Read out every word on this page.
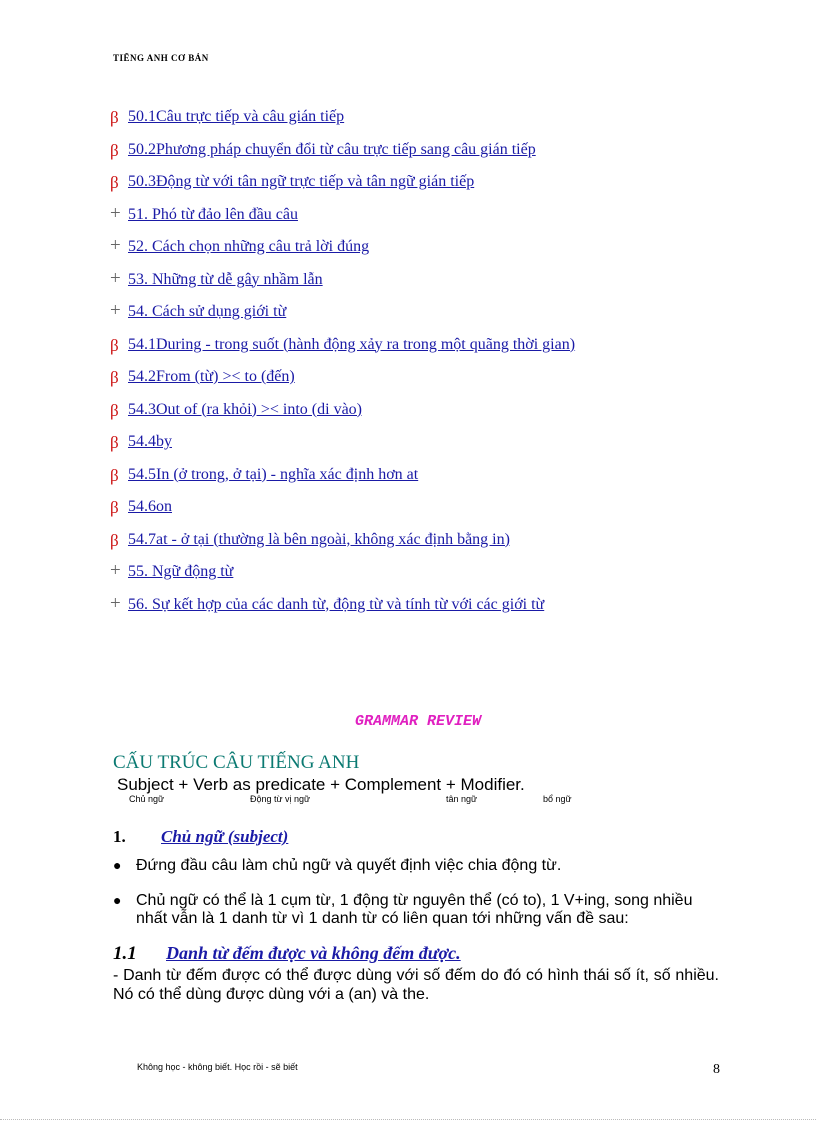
TIẾNG ANH CƠ BẢN
β 50.1Câu trực tiếp và câu gián tiếp
β 50.2Phương pháp chuyển đổi từ câu trực tiếp sang câu gián tiếp
β 50.3Động từ với tân ngữ trực tiếp và tân ngữ gián tiếp
+ 51. Phó từ đảo lên đầu câu
+ 52. Cách chọn những câu trả lời đúng
+ 53. Những từ dễ gây nhầm lẫn
+ 54. Cách sử dụng giới từ
β 54.1During - trong suốt (hành động xảy ra trong một quãng thời gian)
β 54.2From (từ) >< to (đến)
β 54.3Out of (ra khỏi) >< into (di vào)
β 54.4by
β 54.5In (ở trong, ở tại) - nghĩa xác định hơn at
β 54.6on
β 54.7at - ở tại (thường là bên ngoài, không xác định bằng in)
+ 55. Ngữ động từ
+ 56. Sự kết hợp của các danh từ, động từ và tính từ với các giới từ
GRAMMAR REVIEW
CẤU TRÚC CÂU TIẾNG ANH
Subject + Verb as predicate + Complement + Modifier.
Chủ ngữ	Động từ vị ngữ	tân ngữ	bổ ngữ
1. Chủ ngữ (subject)
● Đứng đầu câu làm chủ ngữ và quyết định việc chia động từ.
● Chủ ngữ có thể là 1 cụm từ, 1 động từ nguyên thể (có to), 1 V+ing, song nhiều nhất vẫn là 1 danh từ vì 1 danh từ có liên quan tới những vấn đề sau:
1.1 Danh từ đếm được và không đếm được.
- Danh từ đếm được có thể được dùng với số đếm do đó có hình thái số ít, số nhiều. Nó có thể dùng được dùng với a (an) và the.
Không học - không biết. Học rồi - sẽ biết	8
